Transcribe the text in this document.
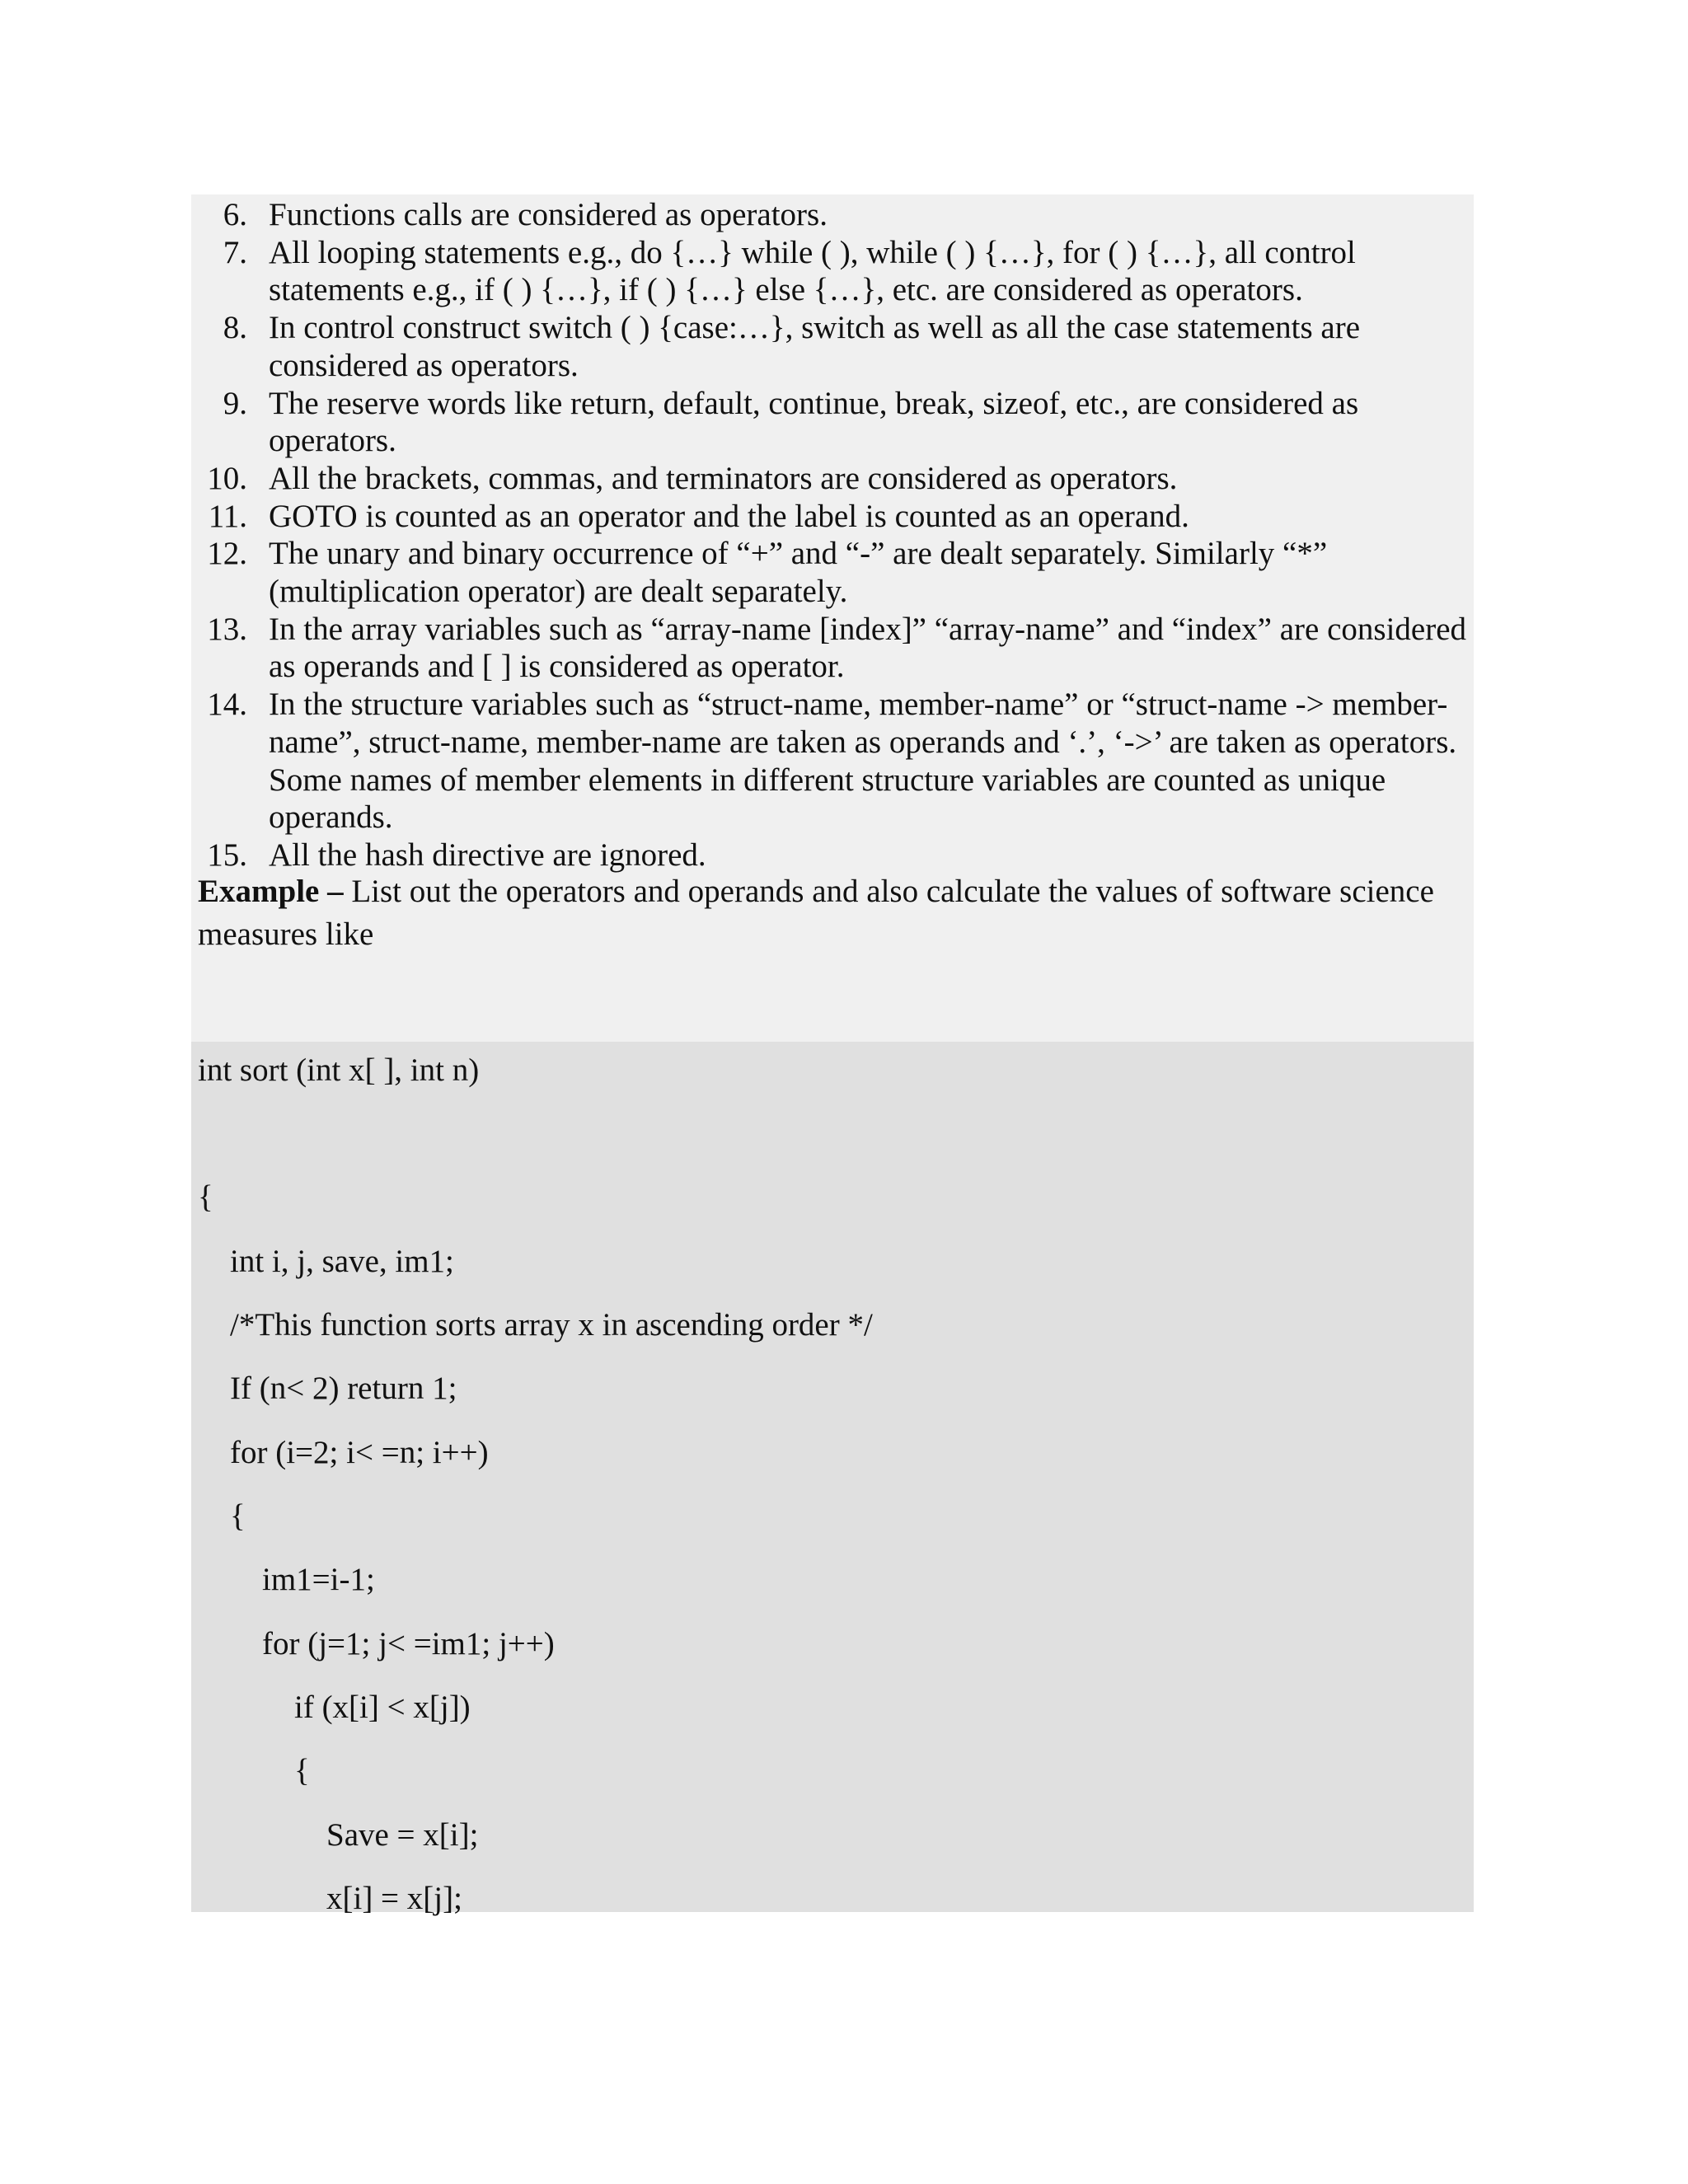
6. Functions calls are considered as operators.
7. All looping statements e.g., do {…} while ( ), while ( ) {…}, for ( ) {…}, all control statements e.g., if ( ) {…}, if ( ) {…} else {…}, etc. are considered as operators.
8. In control construct switch ( ) {case:…}, switch as well as all the case statements are considered as operators.
9. The reserve words like return, default, continue, break, sizeof, etc., are considered as operators.
10. All the brackets, commas, and terminators are considered as operators.
11. GOTO is counted as an operator and the label is counted as an operand.
12. The unary and binary occurrence of “+” and “-” are dealt separately. Similarly “*” (multiplication operator) are dealt separately.
13. In the array variables such as “array-name [index]” “array-name” and “index” are considered as operands and [ ] is considered as operator.
14. In the structure variables such as “struct-name, member-name” or “struct-name -> member-name”, struct-name, member-name are taken as operands and ‘.’, ‘->’ are taken as operators. Some names of member elements in different structure variables are counted as unique operands.
15. All the hash directive are ignored.

Example – List out the operators and operands and also calculate the values of software science measures like

int sort (int x[ ], int n)
{
int i, j, save, im1;
/*This function sorts array x in ascending order */
If (n< 2) return 1;
for (i=2; i< =n; i++)
{
im1=i-1;
for (j=1; j< =im1; j++)
if (x[i] < x[j])
{
Save = x[i];
x[i] = x[j];
